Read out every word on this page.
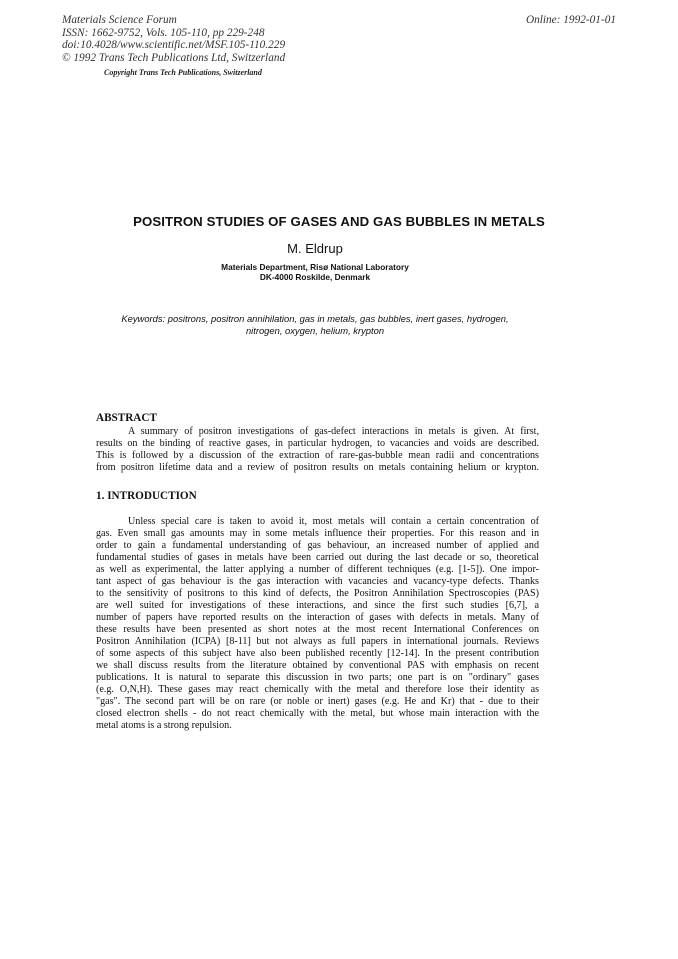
Materials Science Forum
ISSN: 1662-9752, Vols. 105-110, pp 229-248
doi:10.4028/www.scientific.net/MSF.105-110.229
© 1992 Trans Tech Publications Ltd, Switzerland
Online: 1992-01-01
Copyright Trans Tech Publications, Switzerland
POSITRON STUDIES OF GASES AND GAS BUBBLES IN METALS
M. Eldrup
Materials Department, Risø National Laboratory
DK-4000 Roskilde, Denmark
Keywords: positrons, positron annihilation, gas in metals, gas bubbles, inert gases, hydrogen,
nitrogen, oxygen, helium, krypton
ABSTRACT
A summary of positron investigations of gas-defect interactions in metals is given. At first,
results on the binding of reactive gases, in particular hydrogen, to vacancies and voids are described.
This is followed by a discussion of the extraction of rare-gas-bubble mean radii and concentrations
from positron lifetime data and a review of positron results on metals containing helium or krypton.
1. INTRODUCTION
Unless special care is taken to avoid it, most metals will contain a certain concentration of
gas. Even small gas amounts may in some metals influence their properties. For this reason and in
order to gain a fundamental understanding of gas behaviour, an increased number of applied and
fundamental studies of gases in metals have been carried out during the last decade or so, theoretical
as well as experimental, the latter applying a number of different techniques (e.g. [1-5]). One impor-
tant aspect of gas behaviour is the gas interaction with vacancies and vacancy-type defects. Thanks
to the sensitivity of positrons to this kind of defects, the Positron Annihilation Spectroscopies (PAS)
are well suited for investigations of these interactions, and since the first such studies [6,7], a
number of papers have reported results on the interaction of gases with defects in metals. Many of
these results have been presented as short notes at the most recent International Conferences on
Positron Annihilation (ICPA) [8-11] but not always as full papers in international journals. Reviews
of some aspects of this subject have also been published recently [12-14]. In the present contribution
we shall discuss results from the literature obtained by conventional PAS with emphasis on recent
publications. It is natural to separate this discussion in two parts; one part is on "ordinary" gases
(e.g. O,N,H). These gases may react chemically with the metal and therefore lose their identity as
"gas". The second part will be on rare (or noble or inert) gases (e.g. He and Kr) that - due to their
closed electron shells - do not react chemically with the metal, but whose main interaction with the
metal atoms is a strong repulsion.
